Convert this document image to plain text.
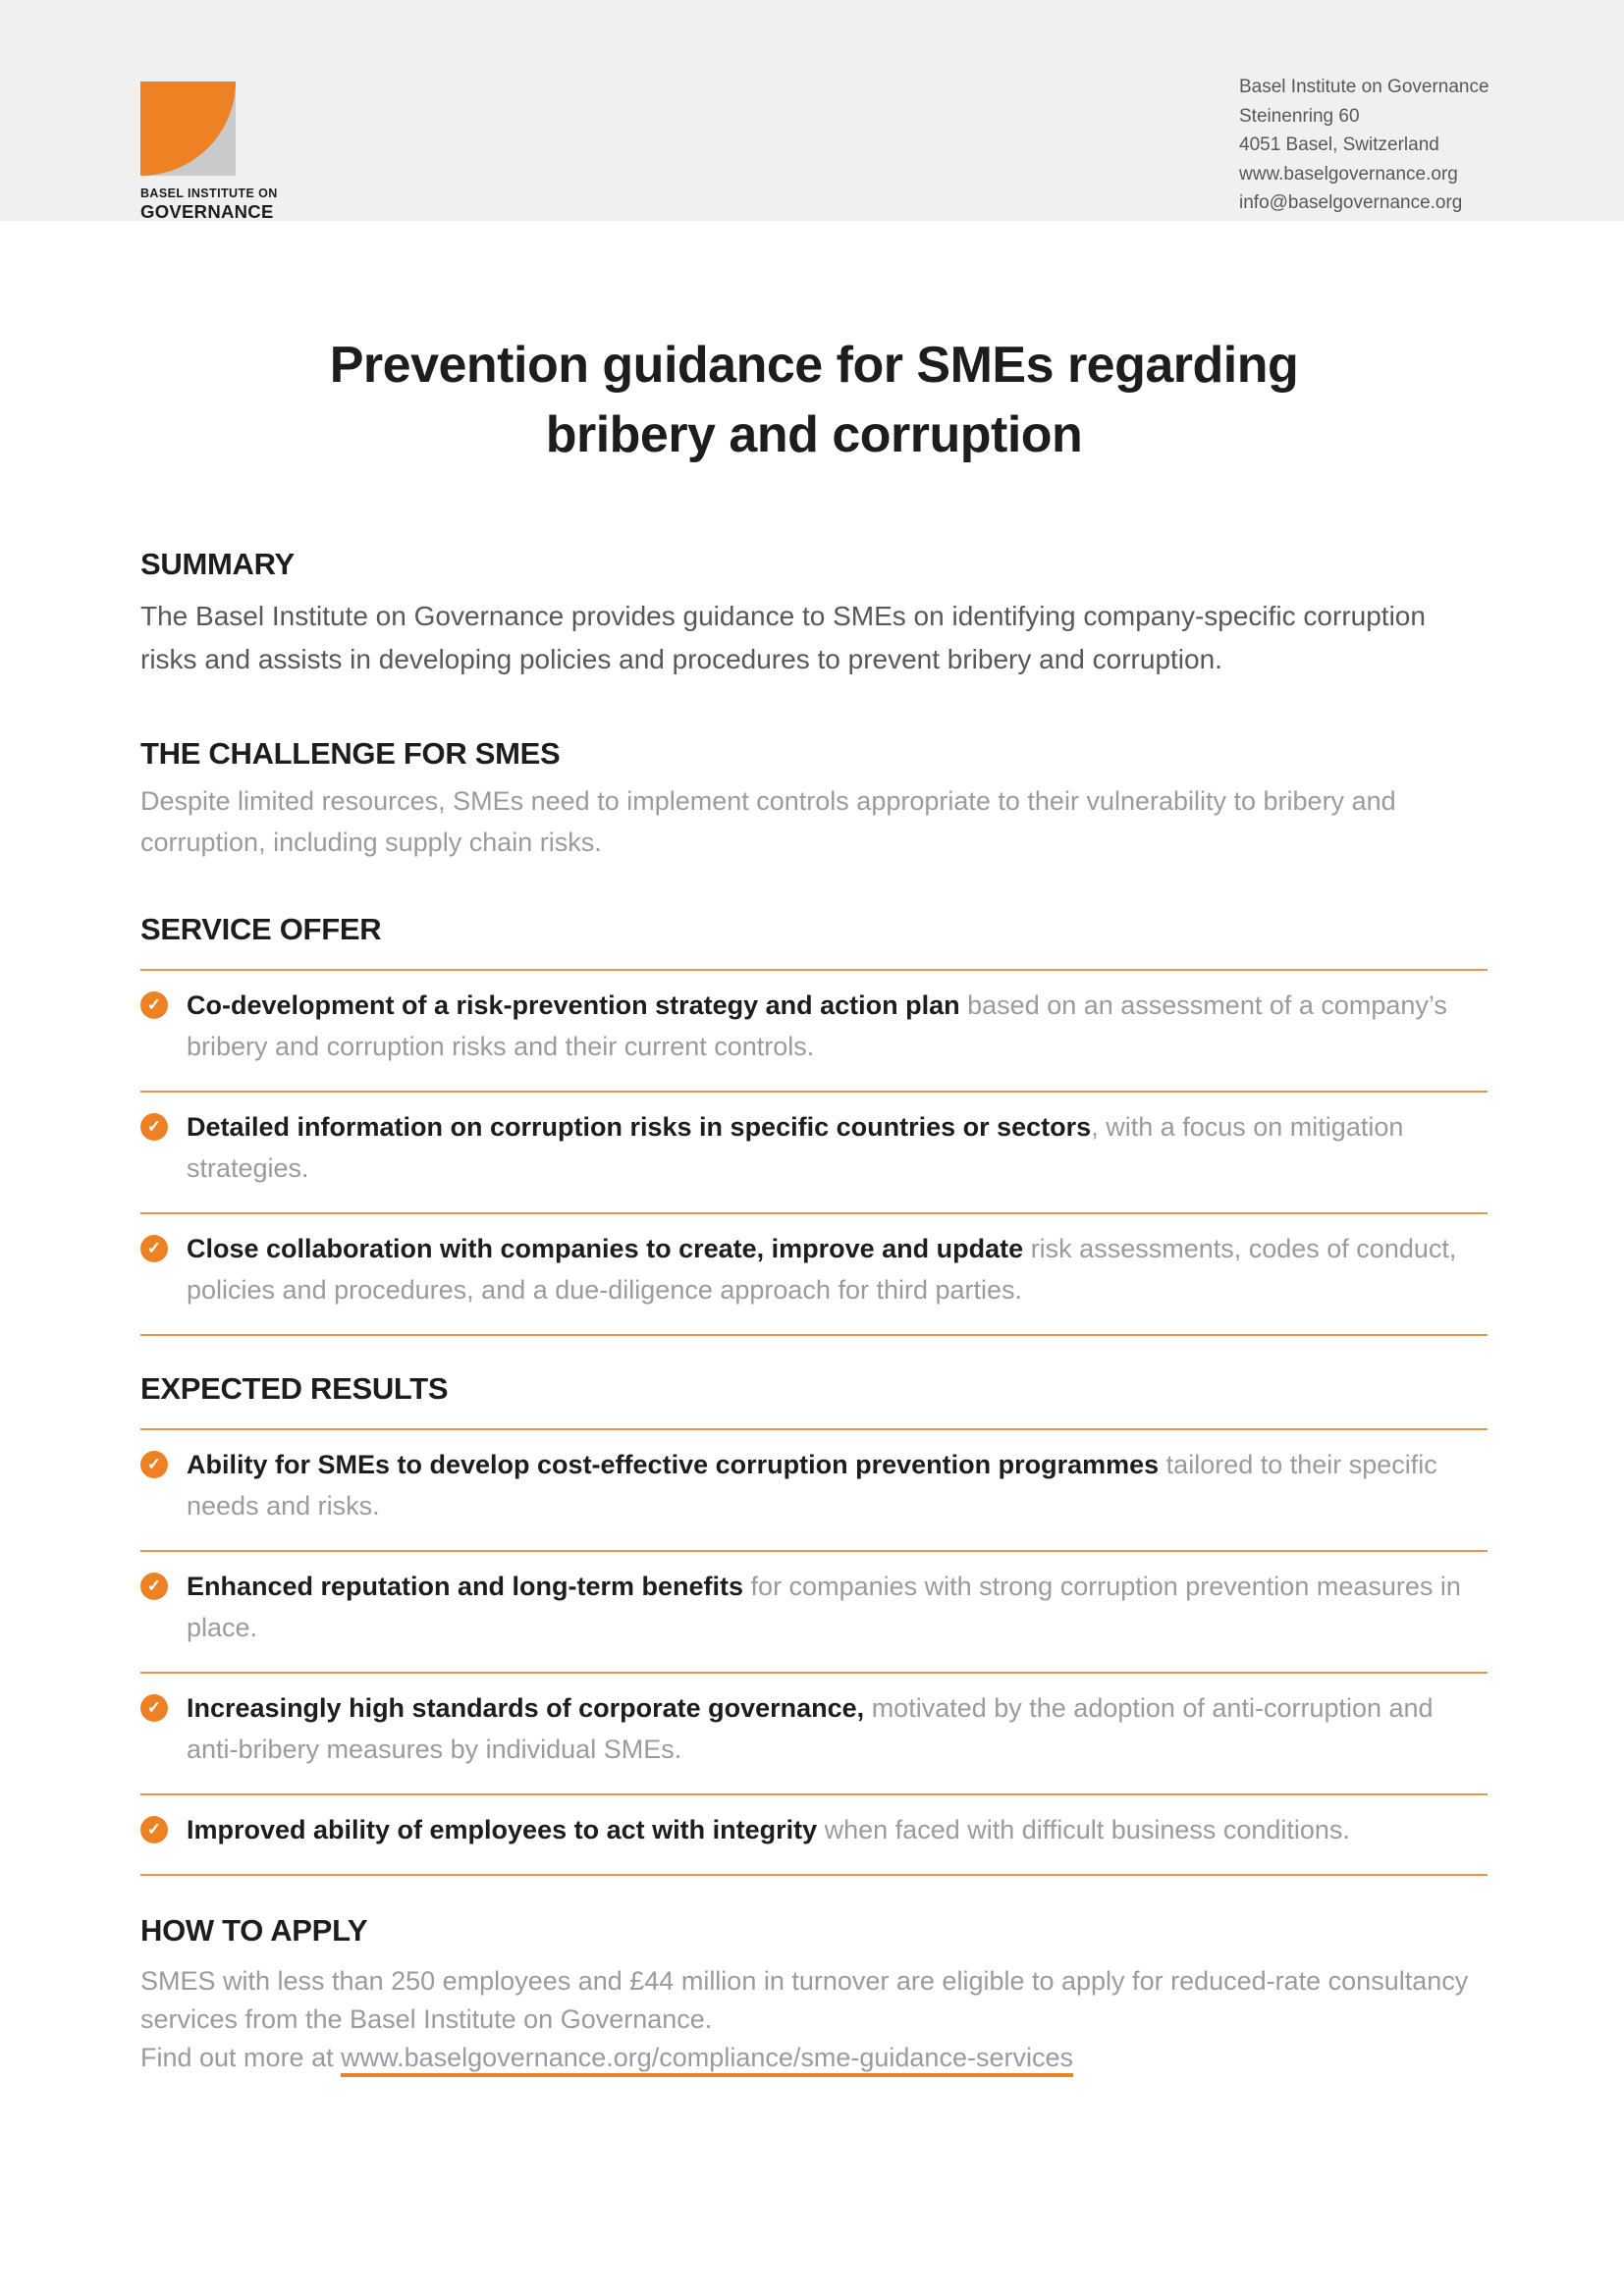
BASEL INSTITUTE ON
GOVERNANCE
Basel Institute on Governance
Steinenring 60
4051 Basel, Switzerland
www.baselgovernance.org
info@baselgovernance.org
Prevention guidance for SMEs regarding
bribery and corruption
SUMMARY

The Basel Institute on Governance provides guidance to SMEs on identifying company-specific corruption risks and assists in developing policies and procedures to prevent bribery and corruption.

THE CHALLENGE FOR SMES

Despite limited resources, SMEs need to implement controls appropriate to their vulnerability to bribery and corruption, including supply chain risks.

SERVICE OFFER
✓ Co-development of a risk-prevention strategy and action plan based on an assessment of a company’s bribery and corruption risks and their current controls.

✓ Detailed information on corruption risks in specific countries or sectors, with a focus on mitigation strategies.

✓ Close collaboration with companies to create, improve and update risk assessments, codes of conduct, policies and procedures, and a due-diligence approach for third parties.

EXPECTED RESULTS
✓ Ability for SMEs to develop cost-effective corruption prevention programmes tailored to their specific needs and risks.

✓ Enhanced reputation and long-term benefits for companies with strong corruption prevention measures in place.

✓ Increasingly high standards of corporate governance, motivated by the adoption of anti-corruption and anti-bribery measures by individual SMEs.

✓ Improved ability of employees to act with integrity when faced with difficult business conditions.

HOW TO APPLY

SMES with less than 250 employees and £44 million in turnover are eligible to apply for reduced-rate consultancy services from the Basel Institute on Governance.

Find out more at www.baselgovernance.org/compliance/sme-guidance-services
